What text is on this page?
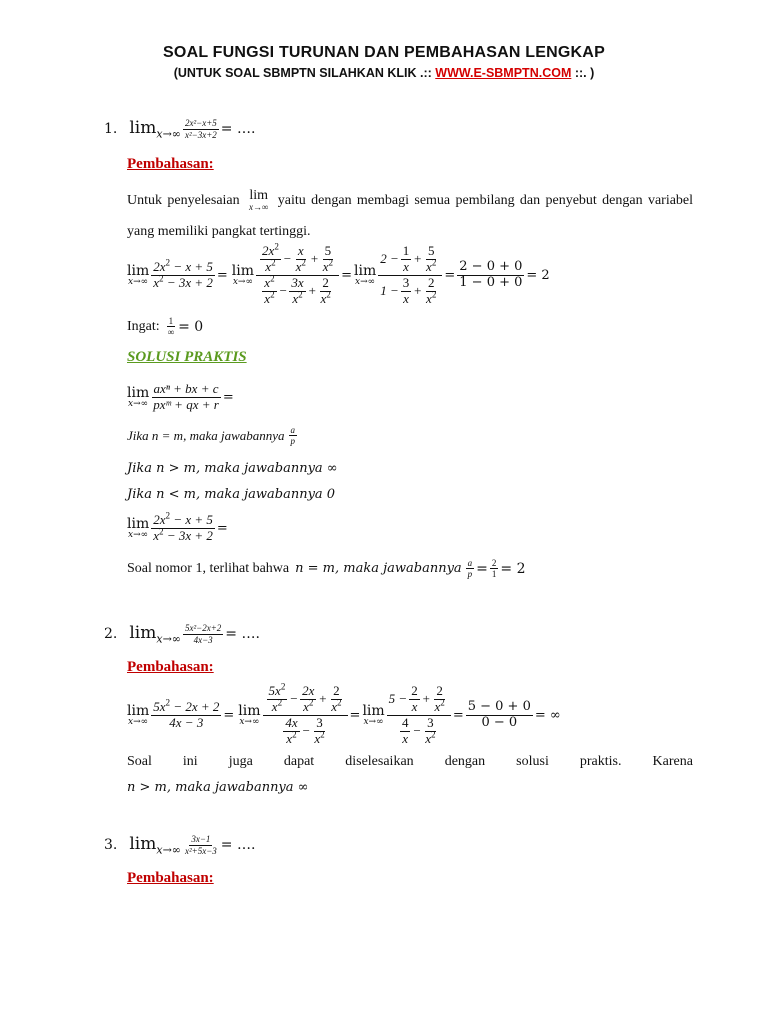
SOAL FUNGSI TURUNAN DAN PEMBAHASAN LENGKAP
(UNTUK SOAL SBMPTN SILAHKAN KLIK .:: WWW.E-SBMPTN.COM ::. )
1. $\lim_{x\to\infty} \frac{\text{2x²−x+5}}{\text{x²−3x+2}}$ = ….
Pembahasan:
Untuk penyelesaian lim
x→∞ yaitu dengan membagi semua pembilang dan penyebut dengan variabel yang memiliki pangkat tertinggi.
lim
$x\to\infty \frac{2x^2 - x + 5}{x^2 - 3x + 2} = \lim$
$x\to\infty \frac{\frac{2x^2}{x^2} - \frac{x}{x^2} + \frac{5}{x^2}}{\frac{x^2}{x^2} - \frac{3x}{x^2} + \frac{2}{x^2}} = \lim$
$x\to\infty \frac{2 - \frac{1}{x} + \frac{5}{x^2}}{1 - \frac{3}{x} + \frac{2}{x^2}} = \frac{2 - 0 + 0}{1 - 0 + 0} = 2$
Ingat: $\frac{1}{\infty} = 0$
SOLUSI PRAKTIS
lim
$x\to\infty \frac{\text{axⁿ + bx + c}}{\text{pxᵐ + qx + r}}$ =
Jika n = m, maka jawabannya $\frac{a}{p}$
Jika n > m, maka jawabannya ∞
Jika n < m, maka jawabannya 0
lim
$x\to\infty \frac{2x^2 - x + 5}{x^2 - 3x + 2}$ =
Soal nomor 1, terlihat bahwa n = m, maka jawabannya $\frac{a}{p} = \frac{2}{1} = 2$
2. $\lim_{x\to\infty} \frac{\text{5x²−2x+2}}{4x-3}$ = ….
Pembahasan:
lim
$x\to\infty \frac{5x^2 - 2x + 2}{4x - 3} = \lim$
$x\to\infty \frac{\frac{5x^2}{x^2} - \frac{2x}{x^2} + \frac{2}{x^2}}{\frac{4x}{x^2} - \frac{3}{x^2}} = \lim$
$x\to\infty \frac{5 - \frac{2}{x} + \frac{2}{x^2}}{\frac{4}{x} - \frac{3}{x^2}} = \frac{5 - 0 + 0}{0 - 0}$ = ∞
Soal ini juga dapat diselesaikan dengan solusi praktis. Karena
n > m, maka jawabannya ∞
3. $\lim_{x\to\infty} \frac{3x-1}{\text{x²+5x−3}}$ = ….
Pembahasan:
